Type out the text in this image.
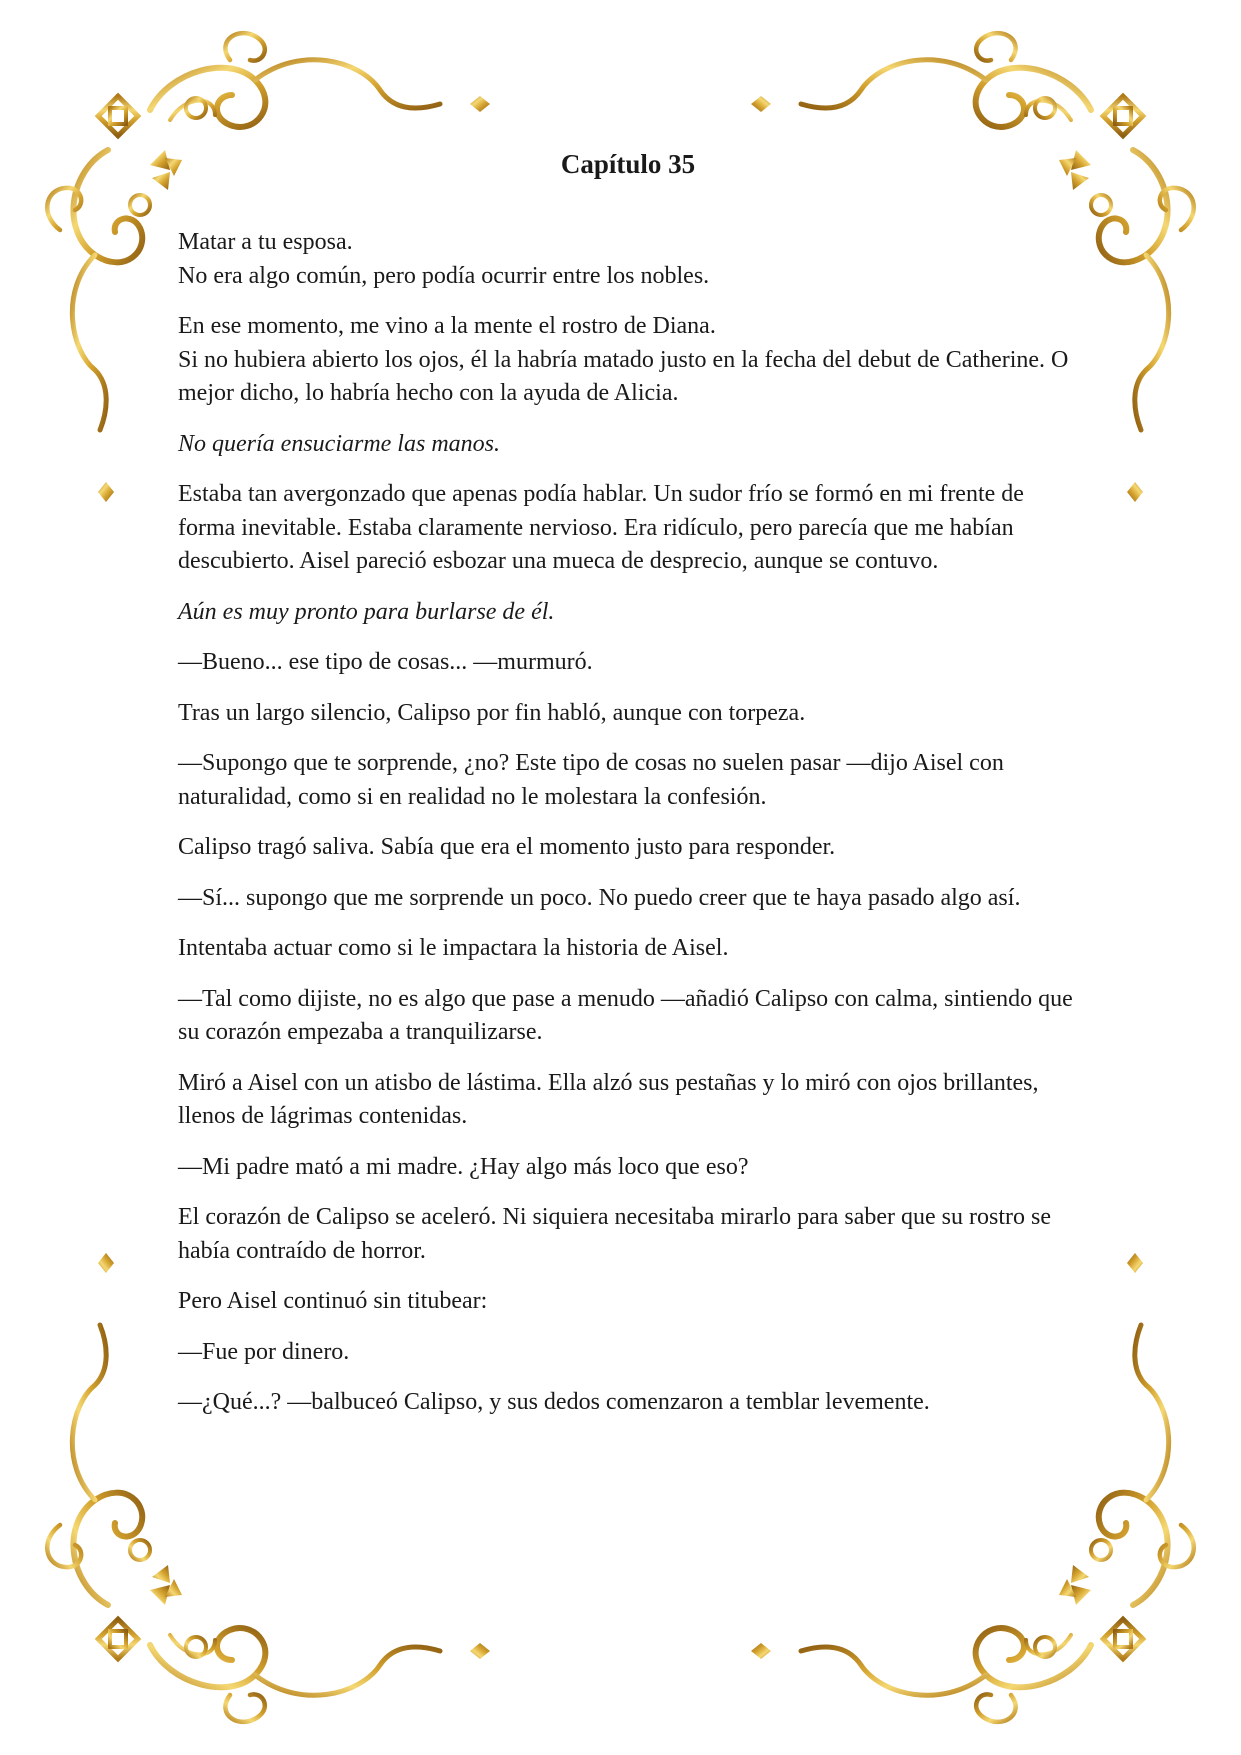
Capítulo 35

Matar a tu esposa.
No era algo común, pero podía ocurrir entre los nobles.

En ese momento, me vino a la mente el rostro de Diana.
Si no hubiera abierto los ojos, él la habría matado justo en la fecha del debut de Catherine. O mejor dicho, lo habría hecho con la ayuda de Alicia.

No quería ensuciarme las manos.

Estaba tan avergonzado que apenas podía hablar. Un sudor frío se formó en mi frente de forma inevitable. Estaba claramente nervioso. Era ridículo, pero parecía que me habían descubierto. Aisel pareció esbozar una mueca de desprecio, aunque se contuvo.

Aún es muy pronto para burlarse de él.

—Bueno... ese tipo de cosas... —murmuró.

Tras un largo silencio, Calipso por fin habló, aunque con torpeza.

—Supongo que te sorprende, ¿no? Este tipo de cosas no suelen pasar —dijo Aisel con naturalidad, como si en realidad no le molestara la confesión.

Calipso tragó saliva. Sabía que era el momento justo para responder.

—Sí... supongo que me sorprende un poco. No puedo creer que te haya pasado algo así.

Intentaba actuar como si le impactara la historia de Aisel.

—Tal como dijiste, no es algo que pase a menudo —añadió Calipso con calma, sintiendo que su corazón empezaba a tranquilizarse.

Miró a Aisel con un atisbo de lástima. Ella alzó sus pestañas y lo miró con ojos brillantes, llenos de lágrimas contenidas.

—Mi padre mató a mi madre. ¿Hay algo más loco que eso?

El corazón de Calipso se aceleró. Ni siquiera necesitaba mirarlo para saber que su rostro se había contraído de horror.

Pero Aisel continuó sin titubear:

—Fue por dinero.

—¿Qué...? —balbuceó Calipso, y sus dedos comenzaron a temblar levemente.
